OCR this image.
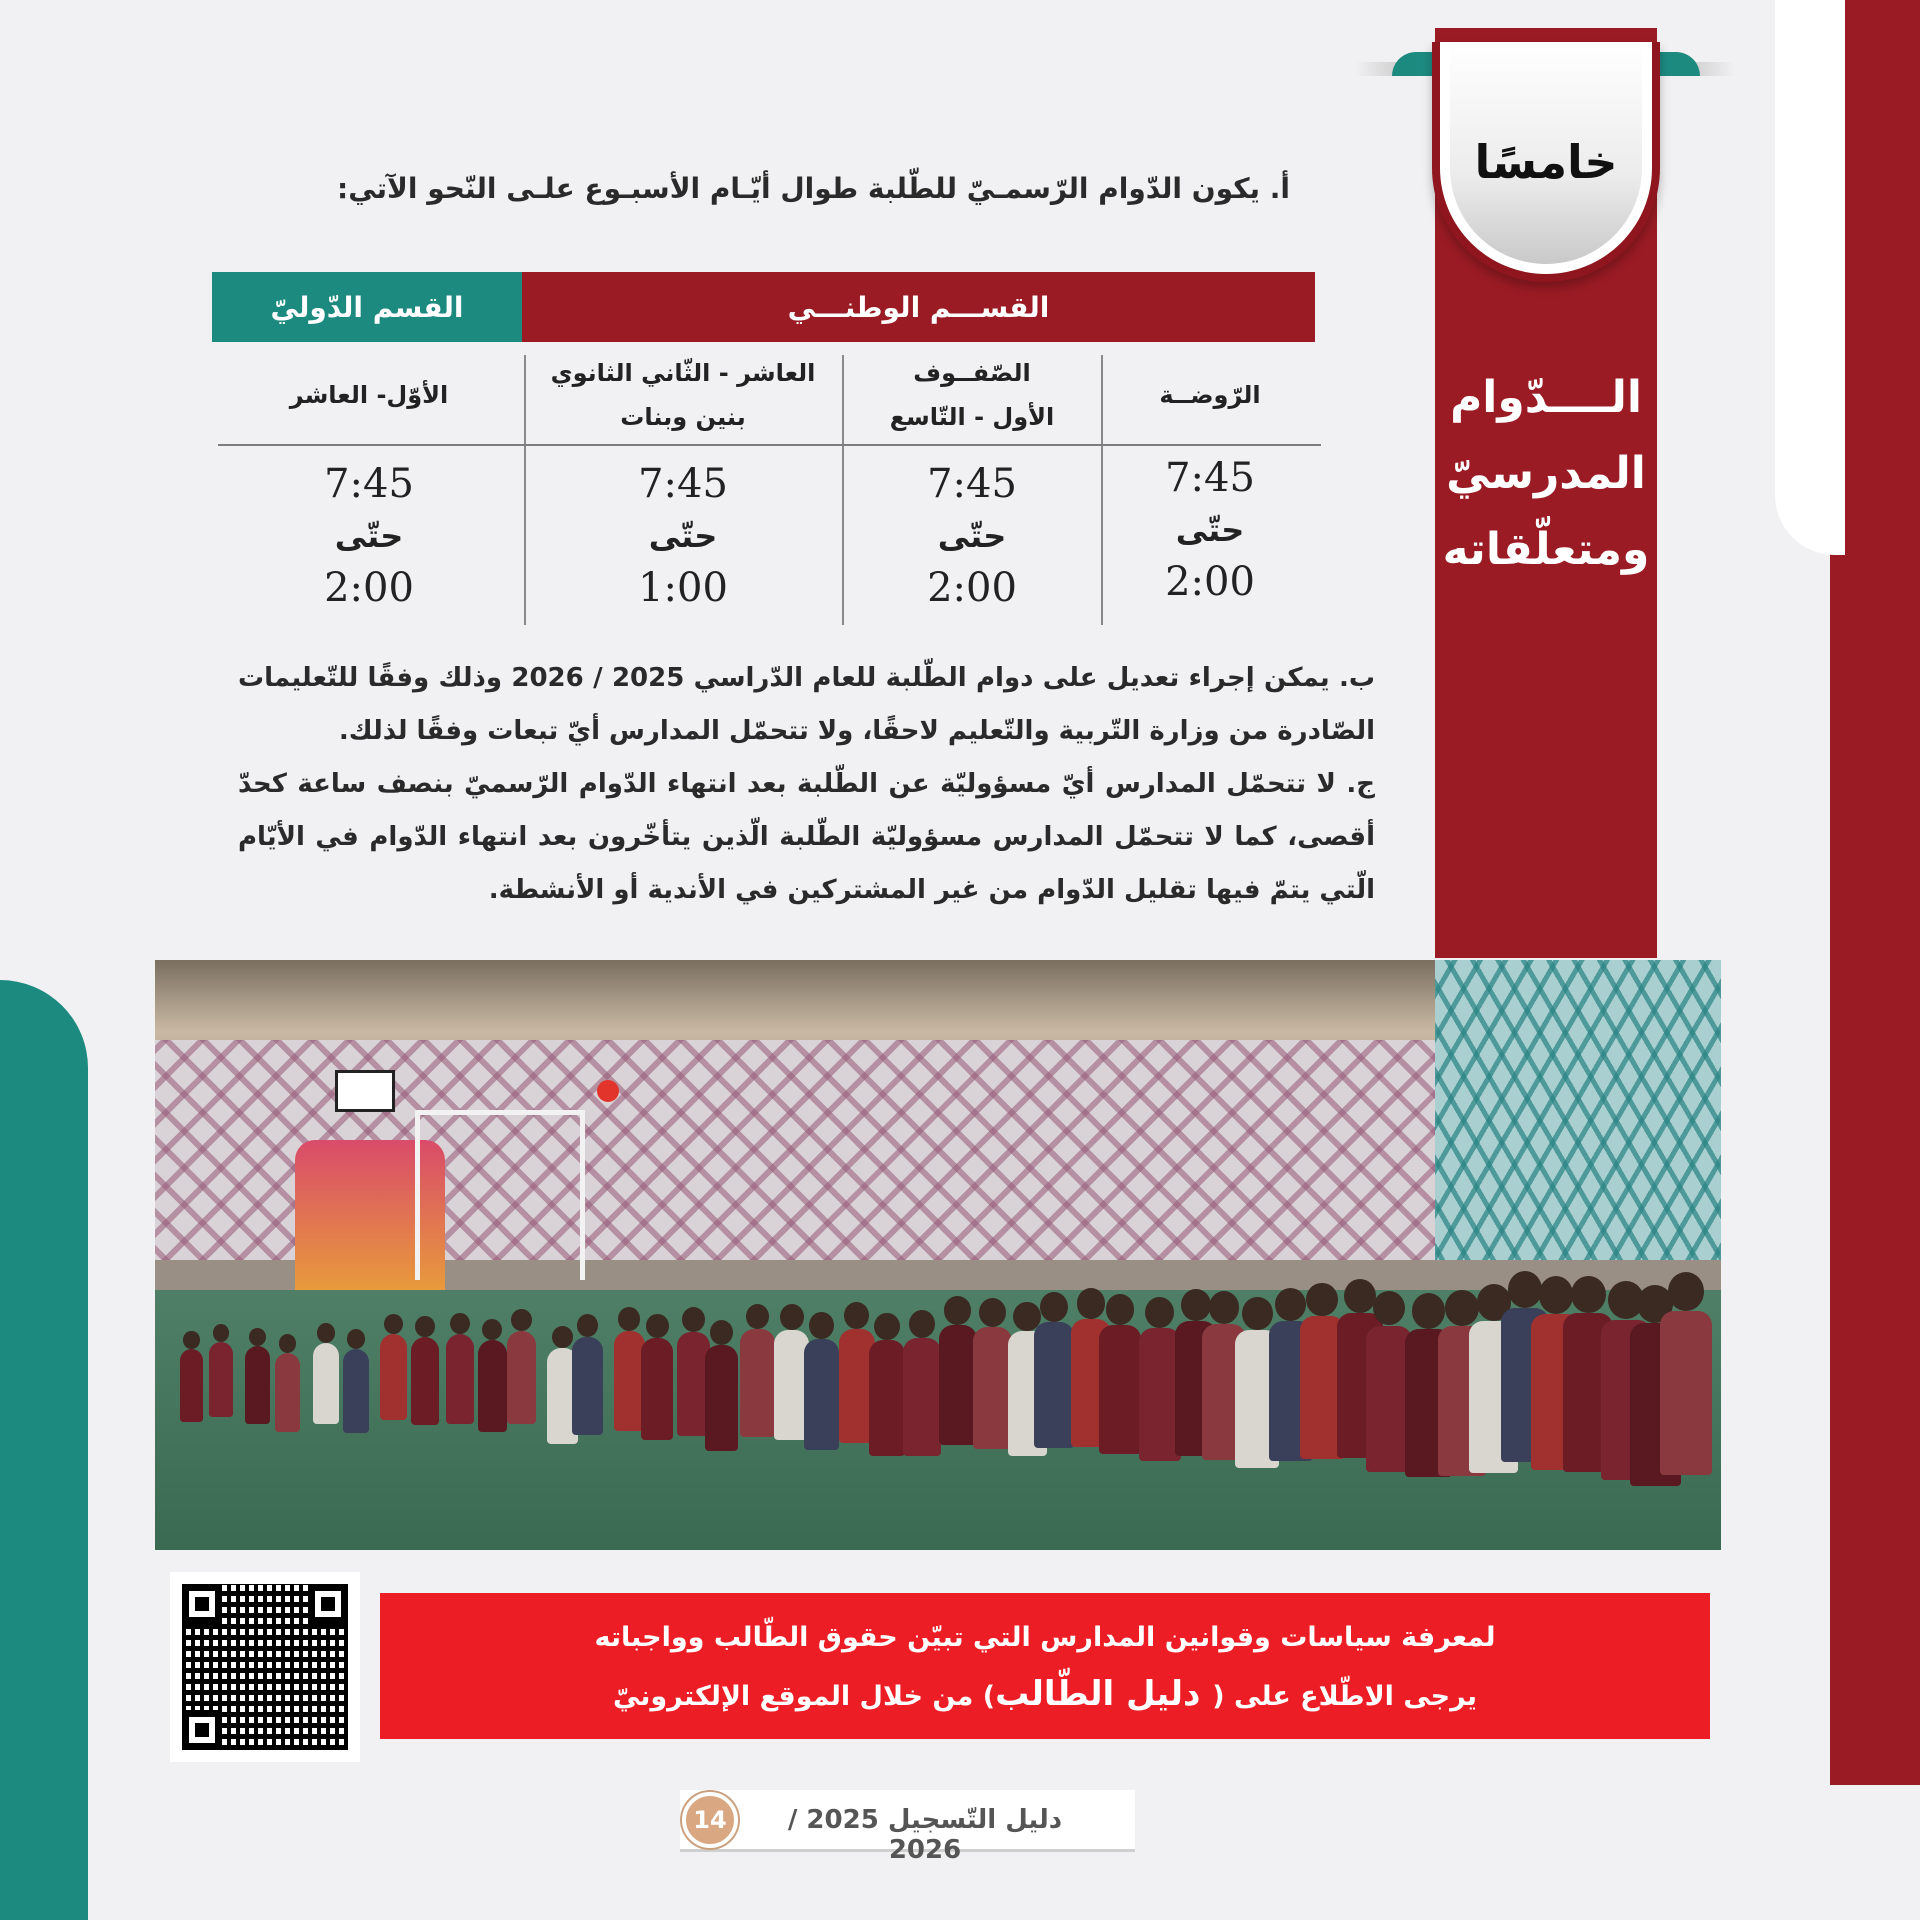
خامسًا
الــــدّوام
المدرسيّ
ومتعلّقاته
أ. يكون الدّوام الرّسمـيّ للطّلبة طوال أيّـام الأسبـوع علـى النّحو الآتي:
القســـم الوطنـــي
القسم الدّوليّ
الرّوضــة
الصّفــوف
الأول - التّاسع
العاشر - الثّاني الثانوي
بنين وبنات
الأوّل- العاشر
7:45
حتّى
2:00
7:45
حتّى
2:00
7:45
حتّى
1:00
7:45
حتّى
2:00
ب. يمكن إجراء تعديل على دوام الطّلبة للعام الدّراسي 2025 / 2026 وذلك وفقًا للتّعليمات الصّادرة من وزارة التّربية والتّعليم لاحقًا، ولا تتحمّل المدارس أيّ تبعات وفقًا لذلك.
ج. لا تتحمّل المدارس أيّ مسؤوليّة عن الطّلبة بعد انتهاء الدّوام الرّسميّ بنصف ساعة كحدّ أقصى، كما لا تتحمّل المدارس مسؤوليّة الطّلبة الّذين يتأخّرون بعد انتهاء الدّوام في الأيّام الّتي يتمّ فيها تقليل الدّوام من غير المشتركين في الأندية أو الأنشطة.
لمعرفة سياسات وقوانين المدارس التي تبيّن حقوق الطّالب وواجباته
يرجى الاطّلاع على ( دليل الطّالب) من خلال الموقع الإلكترونيّ
دليل التّسجيل 2025 / 2026
14
